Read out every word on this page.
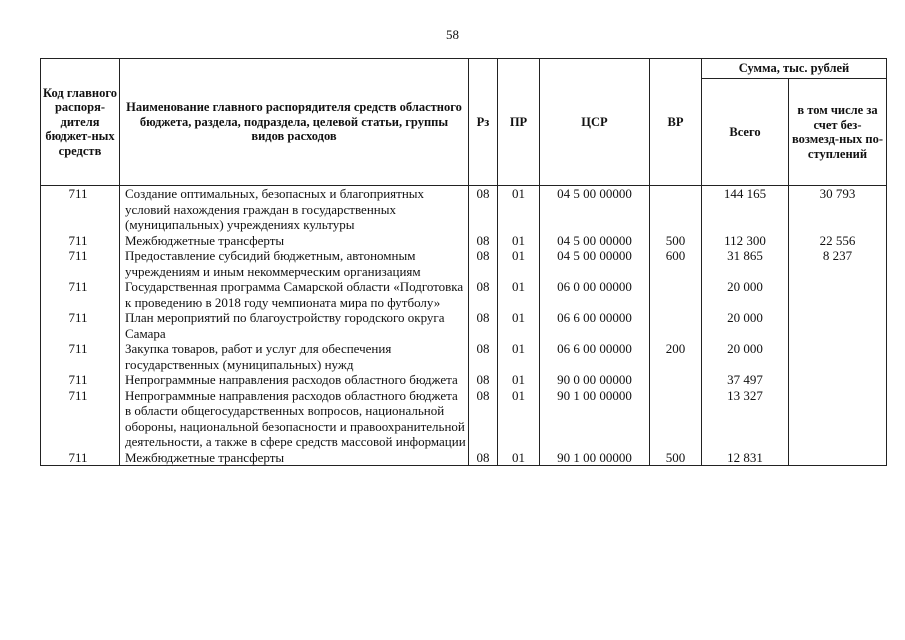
58
Код главного распоря-дителя бюджет-ных средств	Наименование главного распорядителя средств областного бюджета, раздела, подраздела, целевой статьи, группы видов расходов	Рз	ПР	ЦСР	ВР	Сумма, тыс. рублей	
						Всего	в том числе за счет без-возмезд-ных по-ступлений
711	Создание оптимальных, безопасных и благоприятных условий нахождения граждан в государственных (муниципальных) учреждениях культуры	08	01	04 5 00 00000		144 165	30 793
711	Межбюджетные трансферты	08	01	04 5 00 00000	500	112 300	22 556
711	Предоставление субсидий бюджетным, автономным учреждениям и иным некоммерческим организациям	08	01	04 5 00 00000	600	31 865	8 237
711	Государственная программа Самарской области «Подготовка к проведению в 2018 году чемпионата мира по футболу»	08	01	06 0 00 00000		20 000	
711	План мероприятий по благоустройству городского округа Самара	08	01	06 6 00 00000		20 000	
711	Закупка товаров, работ и услуг для обеспечения государственных (муниципальных) нужд	08	01	06 6 00 00000	200	20 000	
711	Непрограммные направления расходов областного бюджета	08	01	90 0 00 00000		37 497	
711	Непрограммные направления расходов областного бюджета в области общегосударственных вопросов, национальной обороны, национальной безопасности и правоохранительной деятельности, а также в сфере средств массовой информации	08	01	90 1 00 00000		13 327	
711	Межбюджетные трансферты	08	01	90 1 00 00000	500	12 831	
